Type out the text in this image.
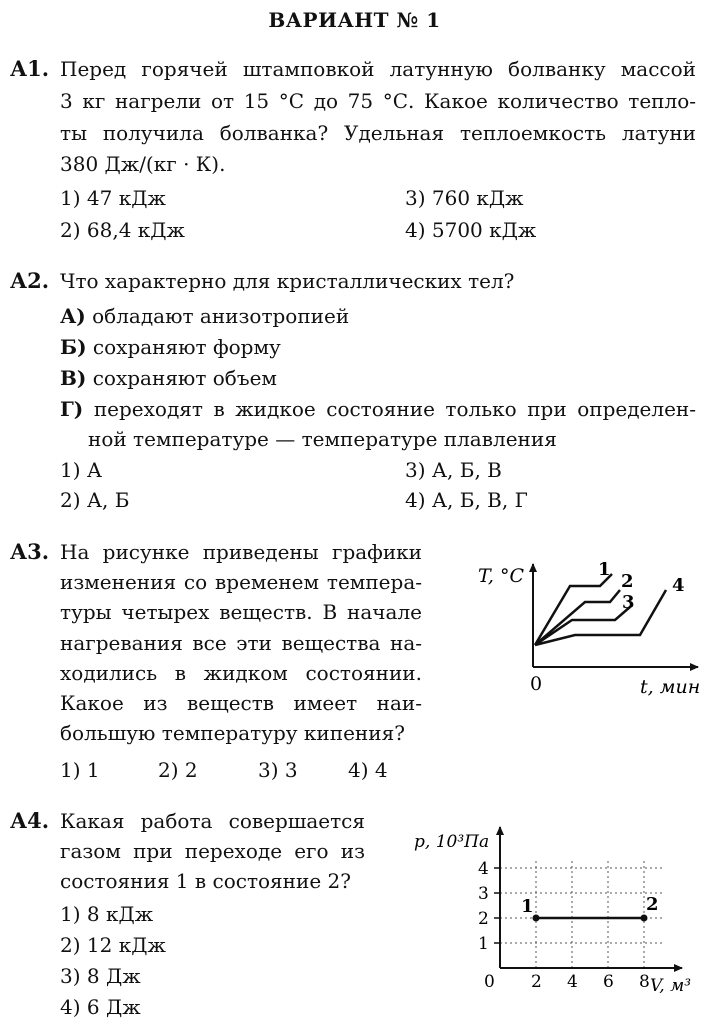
ВАРИАНТ № 1
А1. Перед горячей штамповкой латунную болванку массой
3 кг нагрели от 15 °С до 75 °С. Какое количество тепло-
ты получила болванка? Удельная теплоемкость латуни
380 Дж/(кг · К).
1) 47 кДж
2) 68,4 кДж
3) 760 кДж
4) 5700 кДж
А2. Что характерно для кристаллических тел?
А) обладают анизотропией
Б) сохраняют форму
В) сохраняют объем
Г) переходят в жидкое состояние только при определен-
ной температуре — температуре плавления
1) А
2) А, Б
3) А, Б, В
4) А, Б, В, Г
А3. На рисунке приведены графики
изменения со временем темпера-
туры четырех веществ. В начале
нагревания все эти вещества на-
ходились в жидком состоянии.
Какое из веществ имеет наи-
большую температуру кипения?
1) 1	2) 2	3) 3	4) 4
T, °C
0	t, мин
1
2
3
4
А4. Какая работа совершается
газом при переходе его из
состояния 1 в состояние 2?
1) 8 кДж
2) 12 кДж
3) 8 Дж
4) 6 Дж
1
2
3
4
2 4 6 8
p, 10³Па
0	V, м³
1	2
